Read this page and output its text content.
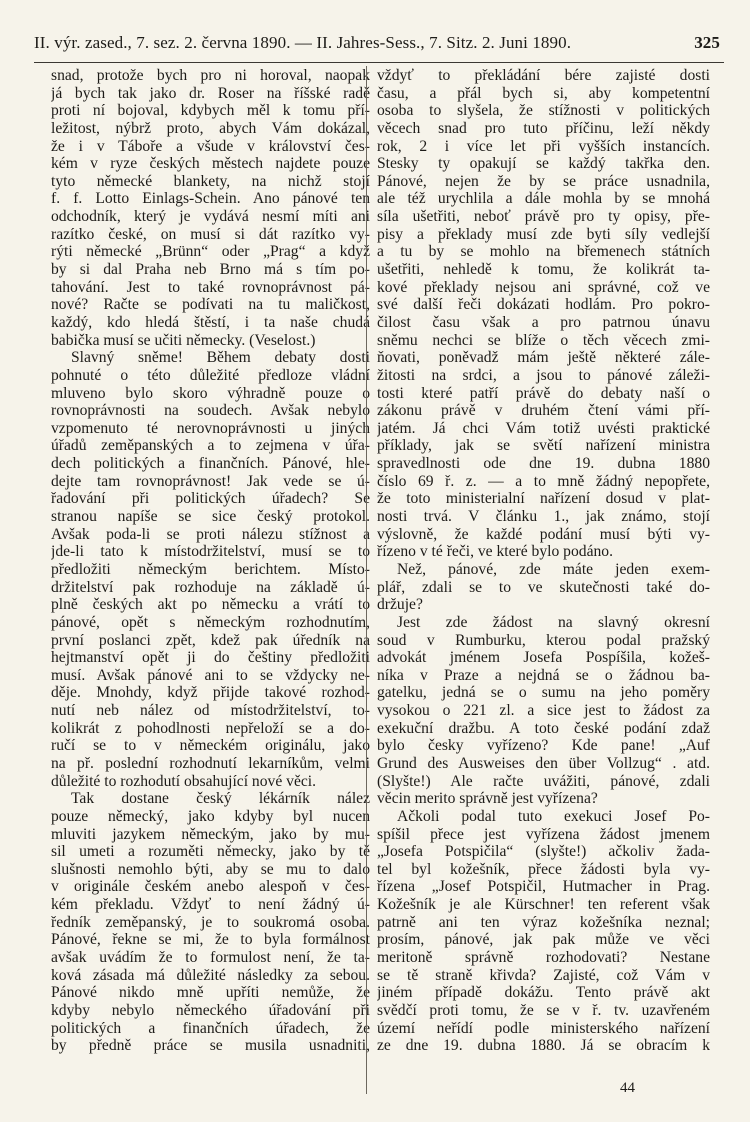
II. výr. zased., 7. sez. 2. června 1890. — II. Jahres-Sess., 7. Sitz. 2. Juni 1890.	325
snad, protože bych pro ni horoval, naopak
já bych tak jako dr. Roser na říšské radě
proti ní bojoval, kdybych měl k tomu pří-
ležitost, nýbrž proto, abych Vám dokázal,
že i v Táboře a všude v království čes-
kém v ryze českých městech najdete pouze
tyto německé blankety, na nichž stojí
f. f. Lotto Einlags-Schein. Ano pánové ten
odchodník, který je vydává nesmí míti ani
razítko české, on musí si dát razítko vy-
rýti německé „Brünn“ oder „Prag“ a když
by si dal Praha neb Brno má s tím po-
tahování. Jest to také rovnoprávnost pá-
nové? Račte se podívati na tu maličkost,
každý, kdo hledá štěstí, i ta naše chudá
babička musí se učiti německy. (Veselost.)
Slavný sněme! Během debaty dosti
pohnuté o této důležité předloze vládní
mluveno bylo skoro výhradně pouze o
rovnoprávnosti na soudech. Avšak nebylo
vzpomenuto té nerovnoprávnosti u jiných
úřadů zeměpanských a to zejmena v úřa-
dech politických a finančních. Pánové, hle-
dejte tam rovnoprávnost! Jak vede se ú-
řadování při politických úřadech? Se
stranou napíše se sice český protokol.
Avšak poda-li se proti nálezu stížnost a
jde-li tato k místodržitelství, musí se to
předložiti německým berichtem. Místo-
držitelství pak rozhoduje na základě ú-
plně českých akt po německu a vrátí to
pánové, opět s německým rozhodnutím,
první poslanci zpět, kdež pak úředník na
hejtmanství opět ji do češtiny předložiti
musí. Avšak pánové ani to se vždycky ne-
děje. Mnohdy, když přijde takové rozhod-
nutí neb nález od místodržitelství, to-
kolikrát z pohodlnosti nepřeloží se a do-
ručí se to v německém originálu, jako
na př. poslední rozhodnutí lekarníkům, velmi
důležité to rozhodutí obsahující nové věci.
Tak dostane český lékárník nález
pouze německý, jako kdyby byl nucen
mluviti jazykem německým, jako by mu-
sil umeti a rozuměti německy, jako by tě
slušnosti nemohlo býti, aby se mu to dalo
v originále českém anebo alespoň v čes-
kém překladu. Vždyť to není žádný ú-
ředník zeměpanský, je to soukromá osoba.
Pánové, řekne se mi, že to byla formálnost
avšak uvádím že to formulost není, že ta-
ková zásada má důležité následky za sebou.
Pánové nikdo mně upříti nemůže, že
kdyby nebylo německého úřadování při
politických a finančních úřadech, že
by předně práce se musila usnadniti,
vždyť to překládání bére zajisté dosti
času, a přál bych si, aby kompetentní
osoba to slyšela, že stížnosti v politických
věcech snad pro tuto příčinu, leží někdy
rok, 2 i více let při vyšších instancích.
Stesky ty opakují se každý takřka den.
Pánové, nejen že by se práce usnadnila,
ale též urychlila a dále mohla by se mnohá
síla ušetřiti, neboť právě pro ty opisy, pře-
pisy a překlady musí zde byti síly vedlejší
a tu by se mohlo na břemenech státních
ušetřiti, nehledě k tomu, že kolikrát ta-
kové překlady nejsou ani správné, což ve
své další řeči dokázati hodlám. Pro pokro-
čilost času však a pro patrnou únavu
sněmu nechci se blíže o těch věcech zmi-
ňovati, poněvadž mám ještě některé zále-
žitosti na srdci, a jsou to pánové záleži-
tosti které patří právě do debaty naší o
zákonu právě v druhém čtení vámi pří-
jatém. Já chci Vám totiž uvésti praktické
příklady, jak se světí nařízení ministra
spravedlnosti ode dne 19. dubna 1880
číslo 69 ř. z. — a to mně žádný nepopřete,
že toto ministerialní nařízení dosud v plat-
nosti trvá. V článku 1., jak známo, stojí
výslovně, že každé podání musí býti vy-
řízeno v té řeči, ve které bylo podáno.
Než, pánové, zde máte jeden exem-
plář, zdali se to ve skutečnosti také do-
držuje?
Jest zde žádost na slavný okresní
soud v Rumburku, kterou podal pražský
advokát jménem Josefa Pospíšila, kožeš-
níka v Praze a nejdná se o žádnou ba-
gatelku, jedná se o sumu na jeho poměry
vysokou o 221 zl. a sice jest to žádost za
exekuční dražbu. A toto české podání zdaž
bylo česky vyřízeno? Kde pane! „Auf
Grund des Ausweises den über Vollzug“ . atd.
(Slyšte!) Ale račte uvážiti, pánové, zdali
věcin merito správně jest vyřízena?
Ačkoli podal tuto exekuci Josef Po-
spíšil přece jest vyřízena žádost jmenem
„Josefa Potspičila“ (slyšte!) ačkoliv žada-
tel byl kožešník, přece žádosti byla vy-
řízena „Josef Potspičil, Hutmacher in Prag.
Kožešník je ale Kürschner! ten referent však
patrně ani ten výraz kožešníka neznal;
prosím, pánové, jak pak může ve věci
meritoně správně rozhodovati? Nestane
se tě straně křivda? Zajisté, což Vám v
jiném případě dokážu. Tento právě akt
svědčí proti tomu, že se v ř. tv. uzavřeném
území neřídí podle ministerského nařízení
ze dne 19. dubna 1880. Já se obracím k
44
